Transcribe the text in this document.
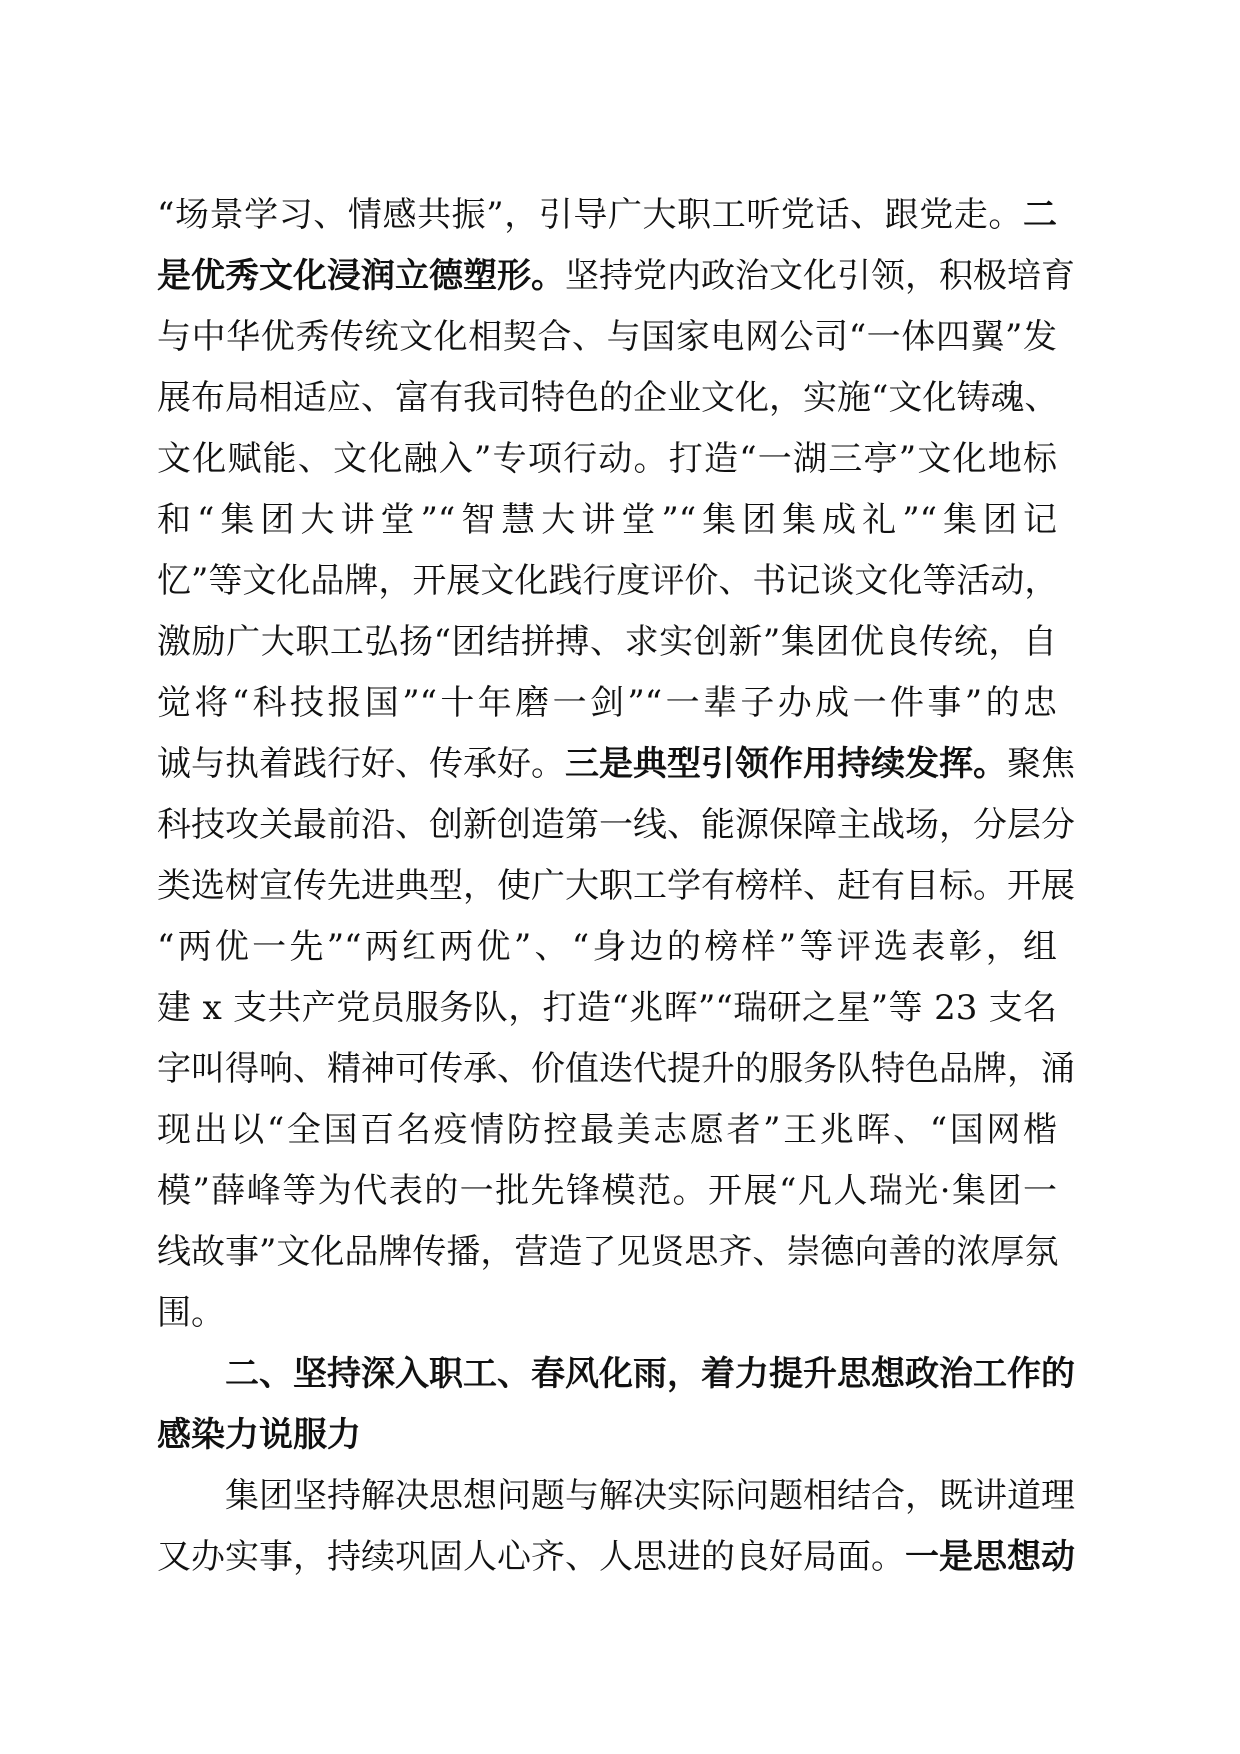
“场景学习、情感共振”，引导广大职工听党话、跟党走。二
是优秀文化浸润立德塑形。坚持党内政治文化引领，积极培育
与中华优秀传统文化相契合、与国家电网公司“一体四翼”发
展布局相适应、富有我司特色的企业文化，实施“文化铸魂、
文化赋能、文化融入”专项行动。打造“一湖三亭”文化地标
和“集团大讲堂”“智慧大讲堂”“集团集成礼”“集团记
忆”等文化品牌，开展文化践行度评价、书记谈文化等活动，
激励广大职工弘扬“团结拼搏、求实创新”集团优良传统，自
觉将“科技报国”“十年磨一剑”“一辈子办成一件事”的忠
诚与执着践行好、传承好。三是典型引领作用持续发挥。聚焦
科技攻关最前沿、创新创造第一线、能源保障主战场，分层分
类选树宣传先进典型，使广大职工学有榜样、赶有目标。开展
“两优一先”“两红两优”、“身边的榜样”等评选表彰，组
建 x 支共产党员服务队，打造“兆晖”“瑞研之星”等 23 支名
字叫得响、精神可传承、价值迭代提升的服务队特色品牌，涌
现出以“全国百名疫情防控最美志愿者”王兆晖、“国网楷
模”薛峰等为代表的一批先锋模范。开展“凡人瑞光·集团一
线故事”文化品牌传播，营造了见贤思齐、崇德向善的浓厚氛
围。
二、坚持深入职工、春风化雨，着力提升思想政治工作的
感染力说服力
集团坚持解决思想问题与解决实际问题相结合，既讲道理
又办实事，持续巩固人心齐、人思进的良好局面。一是思想动
